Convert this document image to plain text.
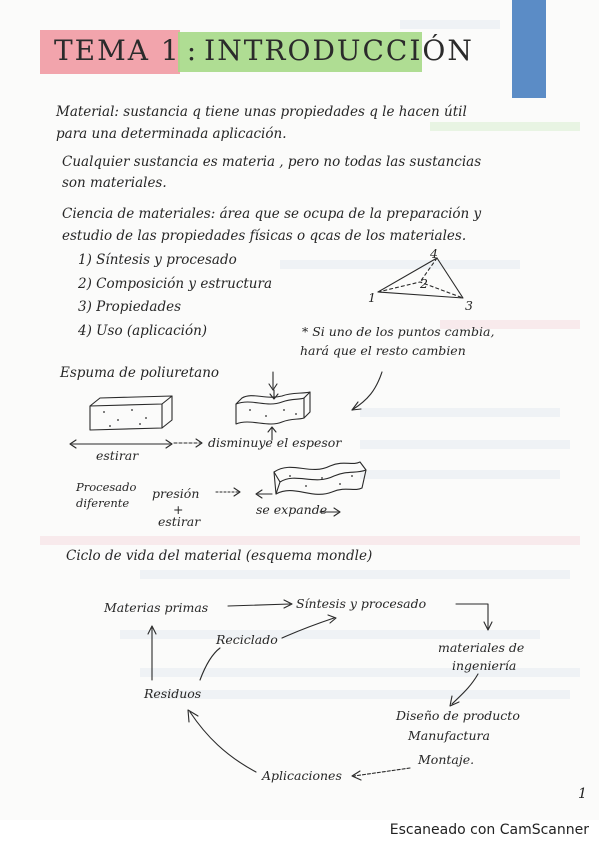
TEMA 1 : INTRODUCCIÓN
Material: sustancia q tiene unas propiedades q le hacen útil
para una determinada aplicación.
Cualquier sustancia es materia , pero no todas las sustancias
son materiales.
Ciencia de materiales: área que se ocupa de la preparación y
estudio de las propiedades físicas o qcas de los materiales.
1) Síntesis y procesado
2) Composición y estructura
3) Propiedades
4) Uso (aplicación)
4
2
1
3
* Si uno de los puntos cambia,
hará que el resto cambien
Espuma de poliuretano
estirar
disminuye el espesor
Procesado
diferente
presión
+
estirar
se expande
Ciclo de vida del material (esquema mondle)
Materias primas	Síntesis y procesado
Reciclado
materiales de
ingeniería
Residuos
Diseño de producto
Manufactura
Montaje.
Aplicaciones
1
Escaneado con CamScanner
